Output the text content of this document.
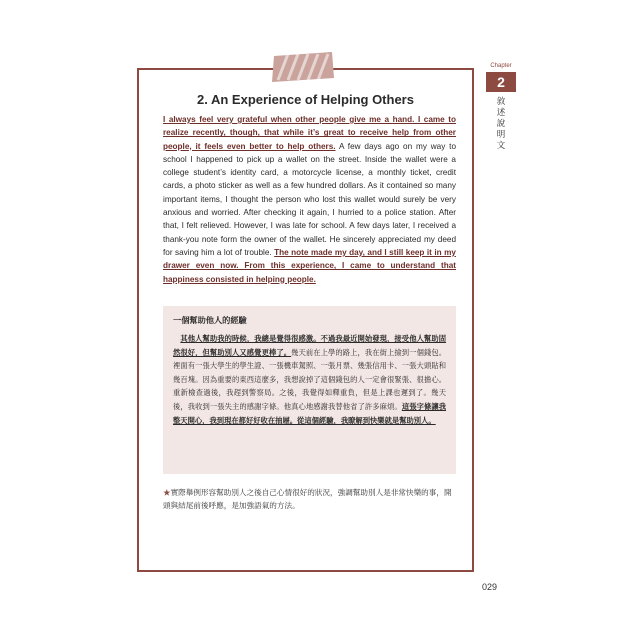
2. An Experience of Helping Others

I always feel very grateful when other people give me a hand. I came to realize recently, though, that while it’s great to receive help from other people, it feels even better to help others. A few days ago on my way to school I happened to pick up a wallet on the street. Inside the wallet were a college student’s identity card, a motorcycle license, a monthly ticket, credit cards, a photo sticker as well as a few hundred dollars. As it contained so many important items, I thought the person who lost this wallet would surely be very anxious and worried. After checking it again, I hurried to a police station. After that, I felt relieved. However, I was late for school. A few days later, I received a thank-you note form the owner of the wallet. He sincerely appreciated my deed for saving him a lot of trouble. The note made my day, and I still keep it in my drawer even now. From this experience, I came to understand that happiness consisted in helping people.

一個幫助他人的經驗

　其他人幫助我的時候，我總是覺得很感激。不過我最近開始發現，接受他人幫助固然很好，但幫助別人又感覺更棒了。幾天前在上學的路上，我在街上撿到一個錢包。裡面有一張大學生的學生證、一張機車駕照、一張月票、幾張信用卡、一張大頭貼和幾百塊。因為重要的東西這麼多，我想說掉了這個錢包的人一定會很緊張、很擔心。重新檢查過後，我趕到警察局。之後，我覺得如釋重負，但是上課也遲到了。幾天後，我收到一張失主的感謝字條。他真心地感謝我替他省了許多麻煩。這張字條讓我整天開心，我到現在都好好收在抽屜。從這個經驗，我瞭解到快樂就是幫助別人。

★實際舉例形容幫助別人之後自己心情很好的狀況，強調幫助別人是非常快樂的事，開頭與結尾前後呼應，是加強語氣的方法。

Chapter
2
敘述說明文
029
